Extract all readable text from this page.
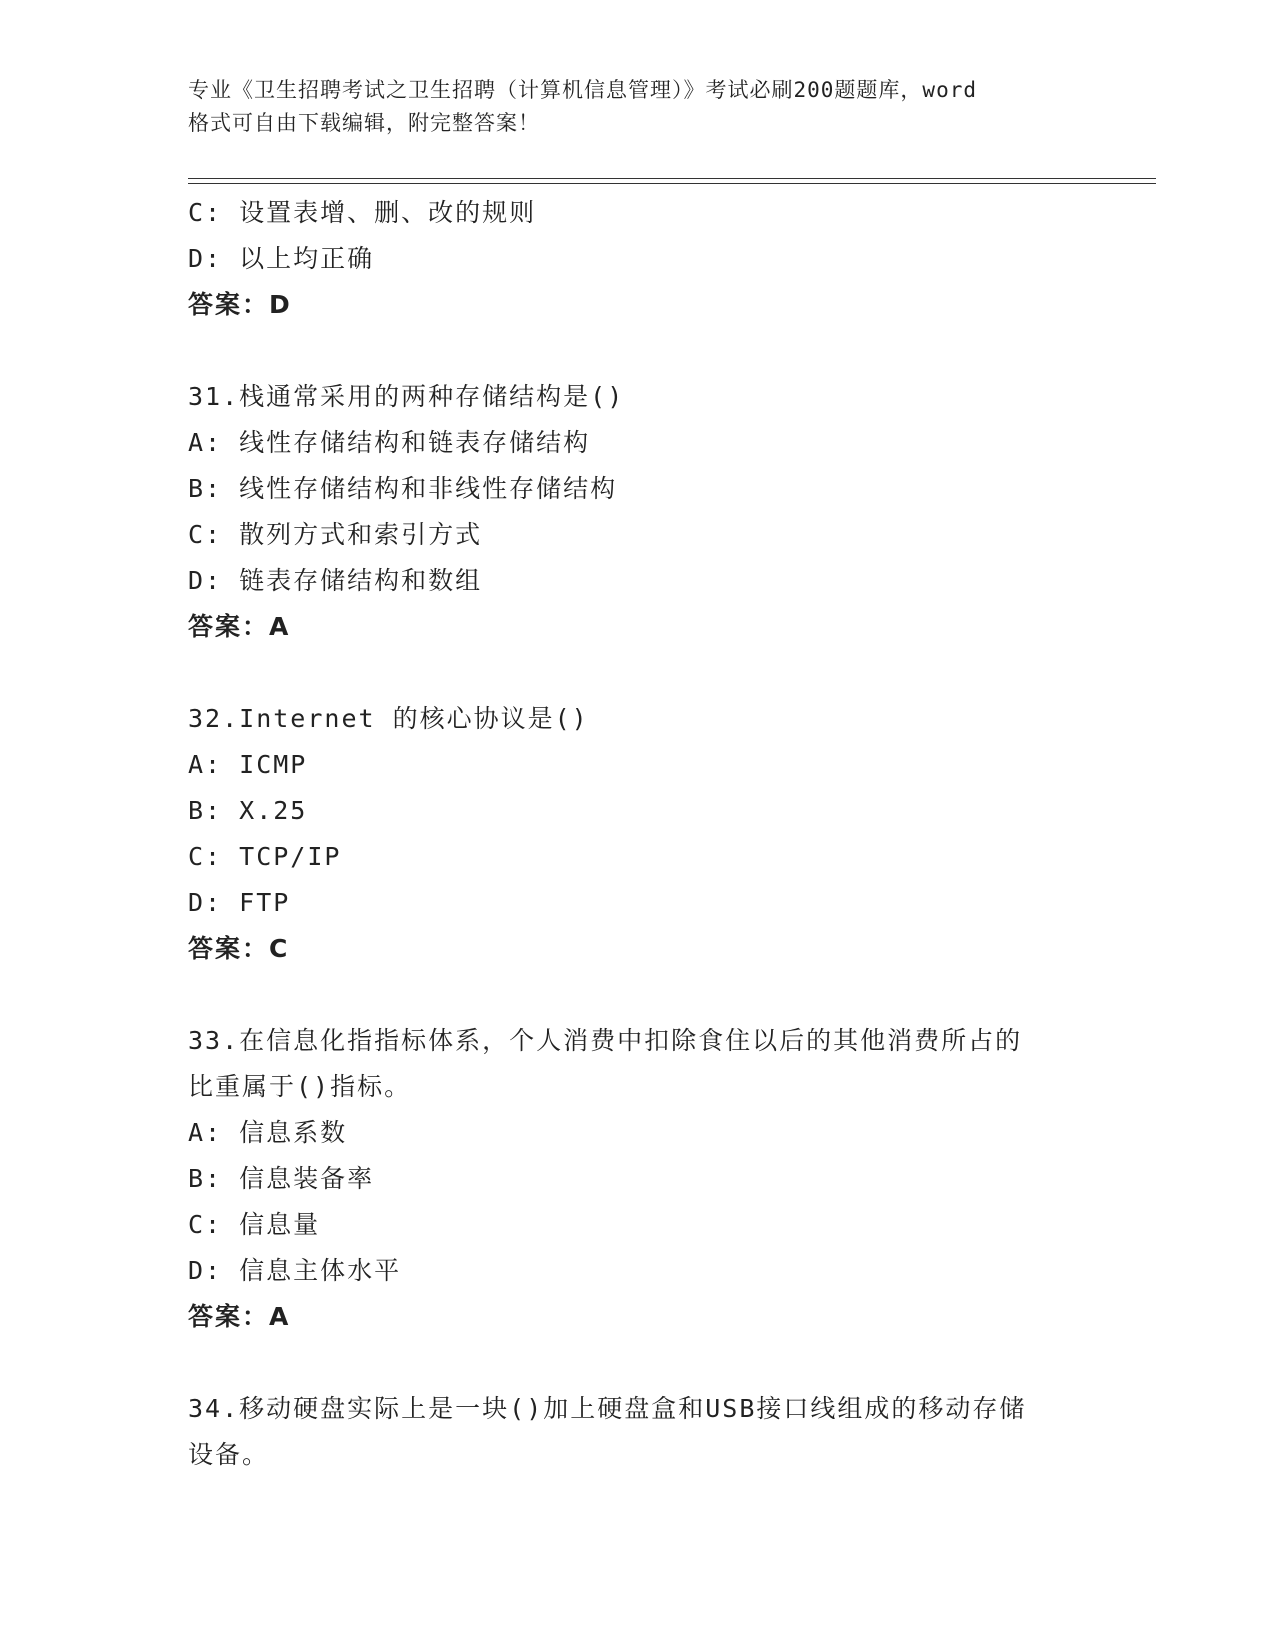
专业《卫生招聘考试之卫生招聘（计算机信息管理）》考试必刷200题题库，word
格式可自由下载编辑，附完整答案！
C: 设置表增、删、改的规则
D: 以上均正确
答案：D
31.栈通常采用的两种存储结构是()
A: 线性存储结构和链表存储结构
B: 线性存储结构和非线性存储结构
C: 散列方式和索引方式
D: 链表存储结构和数组
答案：A
32.Internet 的核心协议是()
A: ICMP
B: X.25
C: TCP/IP
D: FTP
答案：C
33.在信息化指指标体系，个人消费中扣除食住以后的其他消费所占的
比重属于()指标。
A: 信息系数
B: 信息装备率
C: 信息量
D: 信息主体水平
答案：A
34.移动硬盘实际上是一块()加上硬盘盒和USB接口线组成的移动存储
设备。
